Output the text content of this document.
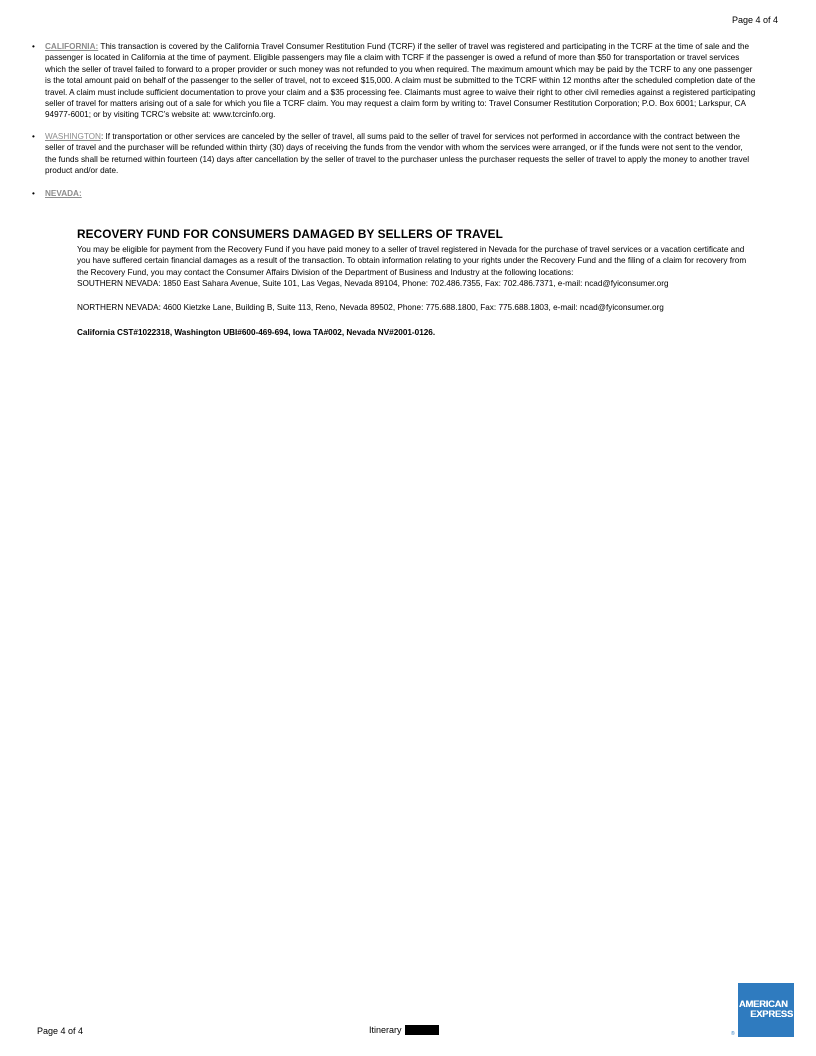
Page 4 of 4
• CALIFORNIA: This transaction is covered by the California Travel Consumer Restitution Fund (TCRF) if the seller of travel was registered and participating in the TCRF at the time of sale and the passenger is located in California at the time of payment. Eligible passengers may file a claim with TCRF if the passenger is owed a refund of more than $50 for transportation or travel services which the seller of travel failed to forward to a proper provider or such money was not refunded to you when required. The maximum amount which may be paid by the TCRF to any one passenger is the total amount paid on behalf of the passenger to the seller of travel, not to exceed $15,000. A claim must be submitted to the TCRF within 12 months after the scheduled completion date of the travel. A claim must include sufficient documentation to prove your claim and a $35 processing fee. Claimants must agree to waive their right to other civil remedies against a registered participating seller of travel for matters arising out of a sale for which you file a TCRF claim. You may request a claim form by writing to: Travel Consumer Restitution Corporation; P.O. Box 6001; Larkspur, CA 94977-6001; or by visiting TCRC’s website at: www.tcrcinfo.org.
• WASHINGTON: If transportation or other services are canceled by the seller of travel, all sums paid to the seller of travel for services not performed in accordance with the contract between the seller of travel and the purchaser will be refunded within thirty (30) days of receiving the funds from the vendor with whom the services were arranged, or if the funds were not sent to the vendor, the funds shall be returned within fourteen (14) days after cancellation by the seller of travel to the purchaser unless the purchaser requests the seller of travel to apply the money to another travel product and/or date.
• NEVADA:
RECOVERY FUND FOR CONSUMERS DAMAGED BY SELLERS OF TRAVEL

You may be eligible for payment from the Recovery Fund if you have paid money to a seller of travel registered in Nevada for the purchase of travel services or a vacation certificate and you have suffered certain financial damages as a result of the transaction. To obtain information relating to your rights under the Recovery Fund and the filing of a claim for recovery from the Recovery Fund, you may contact the Consumer Affairs Division of the Department of Business and Industry at the following locations:

SOUTHERN NEVADA: 1850 East Sahara Avenue, Suite 101, Las Vegas, Nevada 89104, Phone: 702.486.7355, Fax: 702.486.7371, e-mail: ncad@fyiconsumer.org

NORTHERN NEVADA: 4600 Kietzke Lane, Building B, Suite 113, Reno, Nevada 89502, Phone: 775.688.1800, Fax: 775.688.1803, e-mail: ncad@fyiconsumer.org

California CST#1022318, Washington UBI#600-469-694, Iowa TA#002, Nevada NV#2001-0126.

Page 4 of 4	Itinerary
AMERICAN
EXPRESS
®
